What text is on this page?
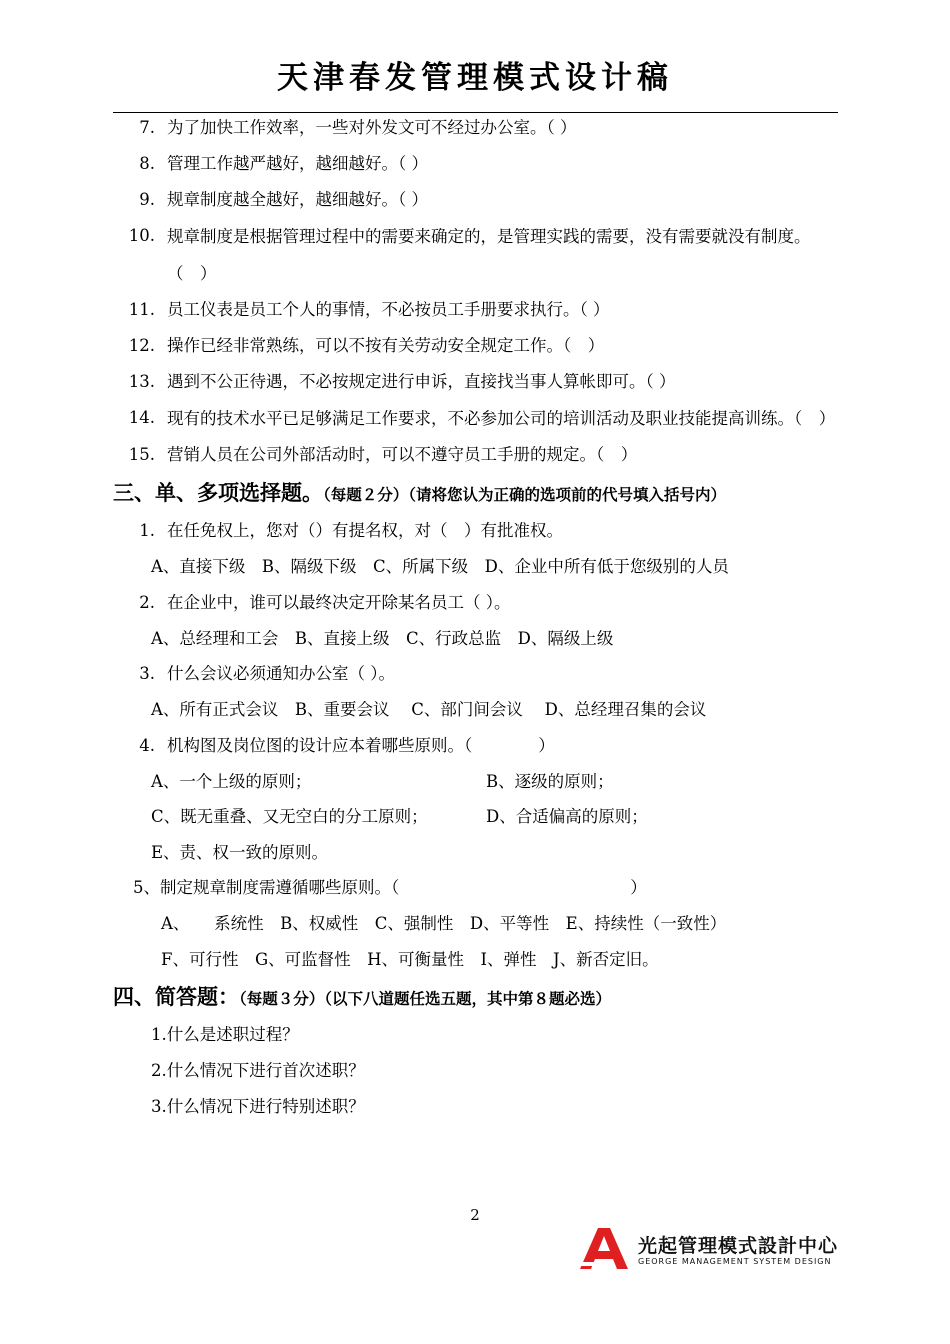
天津春发管理模式设计稿
7. 为了加快工作效率，一些对外发文可不经过办公室。（ ）
8. 管理工作越严越好，越细越好。（ ）
9. 规章制度越全越好，越细越好。（ ）
10. 规章制度是根据管理过程中的需要来确定的，是管理实践的需要，没有需要就没有制度。（　）
11. 员工仪表是员工个人的事情，不必按员工手册要求执行。（ ）
12. 操作已经非常熟练，可以不按有关劳动安全规定工作。（　）
13. 遇到不公正待遇，不必按规定进行申诉，直接找当事人算帐即可。（ ）
14. 现有的技术水平已足够满足工作要求，不必参加公司的培训活动及职业技能提高训练。（　）
15. 营销人员在公司外部活动时，可以不遵守员工手册的规定。（　）
三、单、多项选择题。（每题２分）（请将您认为正确的选项前的代号填入括号内）
1. 在任免权上，您对（）有提名权，对（　）有批准权。
A、直接下级　B、隔级下级　C、所属下级　D、企业中所有低于您级别的人员
2. 在企业中，谁可以最终决定开除某名员工（ ）。
A、总经理和工会　B、直接上级　C、行政总监　D、隔级上级
3. 什么会议必须通知办公室（ ）。
A、所有正式会议　B、重要会议　 C、部门间会议　 D、总经理召集的会议
4. 机构图及岗位图的设计应本着哪些原则。（　　　　）
A、一个上级的原则；	B、逐级的原则；
C、既无重叠、又无空白的分工原则；	D、合适偏高的原则；
E、责、权一致的原则。
5、制定规章制度需遵循哪些原则。（　　　　　　　　　　　　　　）
A、　　系统性　B、权威性　C、强制性　D、平等性　E、持续性（一致性）
F、可行性　G、可监督性　H、可衡量性　I、弹性　J、新否定旧。
四、简答题：（每题３分）（以下八道题任选五题，其中第８题必选）
1.什么是述职过程？
2.什么情况下进行首次述职？
3.什么情况下进行特别述职？
2
光起管理模式設計中心
GEORGE MANAGEMENT SYSTEM DESIGN
